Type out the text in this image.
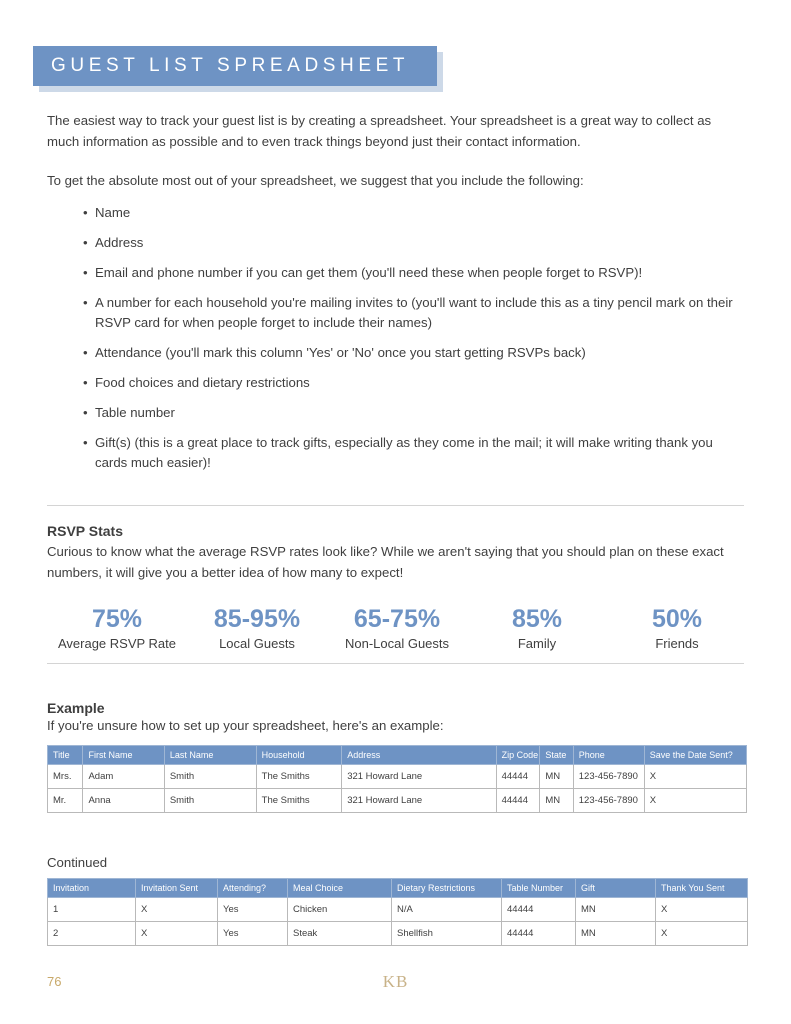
GUEST LIST SPREADSHEET

The easiest way to track your guest list is by creating a spreadsheet. Your spreadsheet is a great way to collect as much information as possible and to even track things beyond just their contact information.

To get the absolute most out of your spreadsheet, we suggest that you include the following:

• Name
• Address
• Email and phone number if you can get them (you'll need these when people forget to RSVP)!
• A number for each household you're mailing invites to (you'll want to include this as a tiny pencil mark on their RSVP card for when people forget to include their names)
• Attendance (you'll mark this column 'Yes' or 'No' once you start getting RSVPs back)
• Food choices and dietary restrictions
• Table number
• Gift(s) (this is a great place to track gifts, especially as they come in the mail; it will make writing thank you cards much easier)!
RSVP Stats

Curious to know what the average RSVP rates look like? While we aren't saying that you should plan on these exact numbers, it will give you a better idea of how many to expect!

75%
Average RSVP Rate
85-95%
Local Guests
65-75%
Non-Local Guests
85%
Family
50%
Friends
Example

If you're unsure how to set up your spreadsheet, here's an example:

Title	First Name	Last Name	Household	Address	Zip Code	State	Phone	Save the Date Sent?
Mrs.	Adam	Smith	The Smiths	321 Howard Lane	44444	MN	123-456-7890	X
Mr.	Anna	Smith	The Smiths	321 Howard Lane	44444	MN	123-456-7890	X
Continued
Invitation	Invitation Sent	Attending?	Meal Choice	Dietary Restrictions	Table Number	Gift	Thank You Sent
1	X	Yes	Chicken	N/A	44444	MN	X
2	X	Yes	Steak	Shellfish	44444	MN	X
76	KB
